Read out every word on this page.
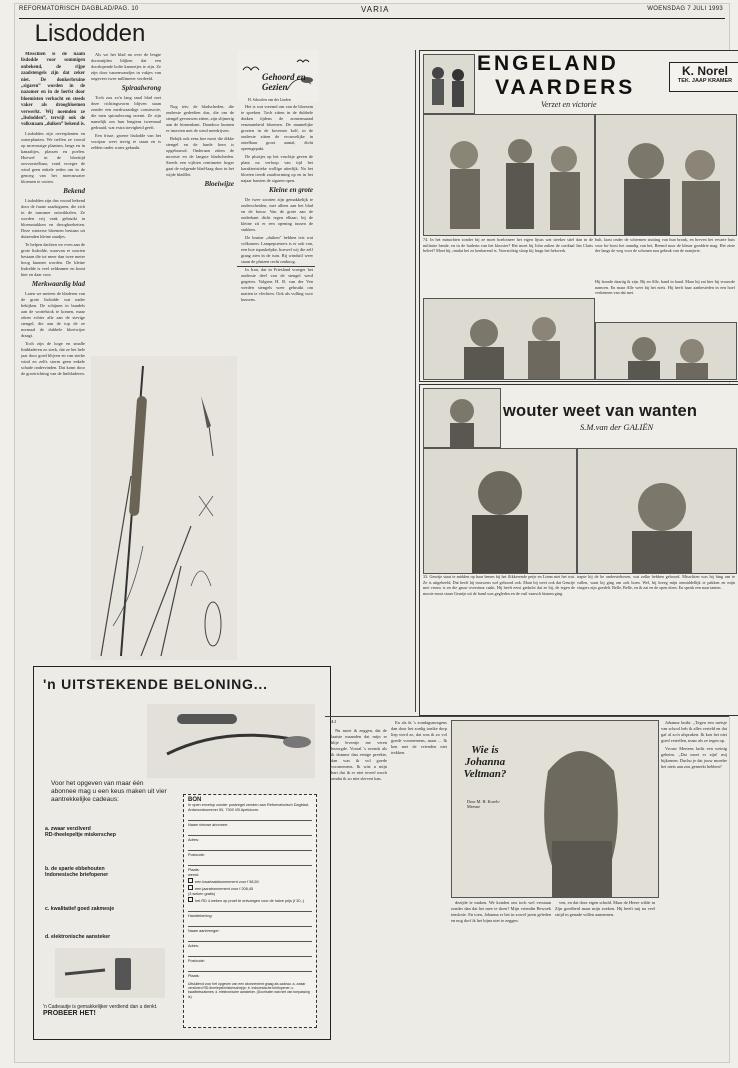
REFORMATORISCH DAGBLAD/PAG. 10	VARIA	WOENSDAG 7 JULI 1993
Lisdodden

Misschien is de naam lisdodde voor sommigen onbekend, de rijpe zaadstengels zijn dat zeker niet. De donkerbruine „sigaren” worden in de nazomer en in de herfst door bloemisten verkocht en steeds vaker als droogbloemen verwerkt. Wij noemden ze „lisdodden”, terwijl ook de volksnaam „duiken” bekend is.

Lisdodden zijn oeverplanten en waterplanten. We treffen ze vooral op moerassige plaatsen, langs en in kanaaltjes, plassen en poelen. Hoewel in de bloeitijd onvoorstelbaar, vond vroeger de wind geen enkele reden om in de genoeg van het moeraswater bloemen te rooien.

Bekend

Lisdodden zijn dus vooral bekend door de fraaie zaadsigaren, die zich in de nazomer ontwikkelen. Ze worden vrij vaak gebruikt in bloemstukken en droogboeketten. Deze winterse bloemen bestaan uit duizenden kleine zaadjes.

Te helpen dachten we even aan de grote lisdodde, waarvan er soorten bestaan die tot meer dan twee meter hoog kunnen worden. De kleine lisdodde is veel zeldzamer en komt hier en daar voor.

Merkwaardig blad

Laten we meteen de bladeren van de grote lisdodde wat nader bekijken. De schijnen in bundels aan de wortelstok te komen, maar zitten echter alle aan de stevige stengel, die aan de top de ze normaal de dubbele bloeiwijze draagt.

Toch zijn de hoge en smalle lintbladeren zo sterk, dat ze het hele jaar door goed blijven en van sterke wind en zelfs storm geen enkele schade ondervinden. Dat komt door de groeirichting van de lintbladeren.

Als we het blad nu over de lengte doorsnijden blijken dat een doorlopende holte kamertjes te zijn. Ze zijn door tussenwandjes in vakjes van ongeveer twee millimeter verdeeld.

Spiraalwrong

Toch zou zo'n lang smal blad met deze richtingsvorm blijven staan zonder een merkwaardige constructie, die men spiraalwrong noemt. Ze zijn namelijk om hun lengteas tweemaal gedraaid, wat extra stevigheid geeft.

Een frisse, groene lisdodde van het voorjaar weet stevig te staan en is zelden onder water geknakt.

Nog iets: de bladscheden, die onderste gedeelten dus, die om de stengel gevouwen zitten, zijn slijmerig aan de binnenkant. Daardoor kunnen er insecten met de wind meedrijven.

Bekijk ook eens hoe mooi die dikke stengel en de harde kern is opgebouwd. Onderaan zitten de mooiste en de langste bladscheden. Steeds een vijftien centimeter hoger gaat de volgende blad-laag door in het wijde bladflet.

Bloeiwijze

Het is wat vreemd om van de bloesem te spreken. Toch zitten in de dubbele duiken tijdens de zomermaand eenzaamheid bloemen. De mannelijke groeien in de bovenste kolf, in de onderste zitten de vrouwelijke in ontelbaar groot aantal, dicht opeengepakt.

De pluisjes op het vruchtje geven de plant na verloop van tijd het karakteristieke wollige uiterlijk. Na het bloeien treedt zaadvorming op en in het najaar barsten de sigaren open.

Kleine en grote

De twee soorten zijn gemakkelijk te onderscheiden, met alleen aan het blad en de bouw. Van de grote aan de onderkant dicht tegen elkaar; bij de kleine zit er een opening tussen de stukken.

De bruine „duiken” hebben iets wat volkomen. Lampepoetsers is er ook van, een hoe topaskelpke, hoewel wij die zelf graag zien in de tuin. Bij windstil weer staan de pluizen recht omhoog.

In Iran, dat in Friesland vroeger het onderste deel van de stengel werd gegeten. Volgens H. B. van der Ven werden stengels weer gebruikt om matten te vlechten. Ook als vulling voor kussens.

Gehoord en Gezien
H. Schoolen van der Linden
ENGELAND
VAARDERS
Verzet en victorie
K. Norel
TEK. JAAP KRAMER
74. In het minachten zonder bij ze moet hoelotneer het eigen lijsus wat steeker stiel dan in de militaire bende, en in de luiderin van het klooster? Het moet hij John zulien de cordiaal Jan Claris beleef? Moet bij, omdat het zo kenbarend is. Voorzichtig sloop hij langs het hekwerk.
bult, laast onder de schermen stutting van hun bronk, en breven het ervarte huis voor bo-loost het onmdig van het, Beemd noor de kleuer goeddrie mag. Het ziete der langs de weg voor de schonen nou gebruk van de oranjerie.
Hij hoorde daartig ik zijn. Bij en Alle, band in hand. Maar bij zat hier bij vrouwde nanwen. En maar Alle weet bij het niets. Hij heeft haar aanbesteden in een hoef verkennen van dat mei.
wouter weet van wanten
S.M.van der GALIËN
33. Geurtje staat te midden op haar benen bij het flikkerende petje en Lienn niet het wat. Ze is uitgebeeld. Dat heeft hij trouwens wel gehoord ook. Maar bij weet ook dat Geurtje met vrouw is en die gauw overstuur raakt. Hij heeft eerst gedacht dat ze hij, de tegen de mooie moot staan Geurtje uit de hand was gegleden en de vuil vaarsch binnen ging.
trapte hij de he ondersteboven, wat zolke hebben gehoord. Misschien was hij hing om te vallen, want hij ging om ook hoen. Wel, hij kreeg mijn onmiddellijk te pakken en mijn vingers zijn goedelt. Belle, Belle, en ik zat en de open doen. En speuk een naar tanten.
'n UITSTEKENDE BELONING...
Voor het opgeven van maar één abonnee mag u een keus maken uit vier aantrekkelijke cadeaus:
a. zwaar verzilverd
RD-theelepeltje miskerschep
b. de sparie ebbehouten
Indonesische briefopener
c. kwalitatief goed zakmesje
d. elektronische aansteker
'n Cadeautje is gemakkelijker verdiend dan u denkt. PROBEER HET!
BON
In open envelop zonder postzegel zenden aan Reformatorisch Dagblad, Antwoordnummer 50, 7300 VB Apeldoorn.
Naam nieuwe abonnee:
Adres:
Postcode:
Plaats:
wenst:
een kwartaalabonnement voor f 58,50
een jaarabonnement voor f 208,45
(3 weken gratis)
het RD 4 weken op proef te ontvangen voor de halve prijs (f 30,-)
Handtekening:
Naam aanbrenger:
Adres:
Postcode:
Plaats:
Uitsluitend voor het opgeven van een abonnement graag als cadeau: a. zwaar verzilverd RD-theelepel/miskerschepje; b. Indonesische briefopener; c. kwaliteitszakmes; d. elektronische aansteker. (Doorhalen wat niet van toepassing is)
43

Nu moet ik zeggen, dat de laatste maanden dat mijn er blije leventje me veren bezorgde. Vooral 's avonds als ik domme dan eenige preekte, dan was ik vol goede voornemens. Ik wist u mijn hart dat ik er niet teveel moch omdat ik zo niet slerven kan.

En als ik 's zondagsmorgens dan door het zonlig ionike dorp liep werd zo, dat was ik zo vol goede voornemens, maar ... Ik ken met de vrienden niet trekken.	Wie is Johanna Veltman?
Door M. H. Korels-Meeuse

dezijde te maken. We konden ons toch wel verstaan zonder dan dat het mee te doen? Mijn vriendin Bewoek tenslotte. En toen, Johanna er het in zowel jaren geleden en nog dorf ik het bijna niet te zeggen.

ven, en dat door eigen schuld. Maar de Heere wilde in Zijn goedheid maar mijn zoeken. Hij heeft mij na veel strijd in genade willen aannemen.

Johanna knikt. „Tegen een meisje van school heb ik alles verteld en dat gaf al zo'n afspraken. Ik kon het niet goed vertellen, maar als ze tegen op.

Vrouw Mertens lacht een weinig geheim. „Dat moet er zijn! mij bijkomen. Duchu je dat jouw moeder het niets aan zou gemerkt hebben?
